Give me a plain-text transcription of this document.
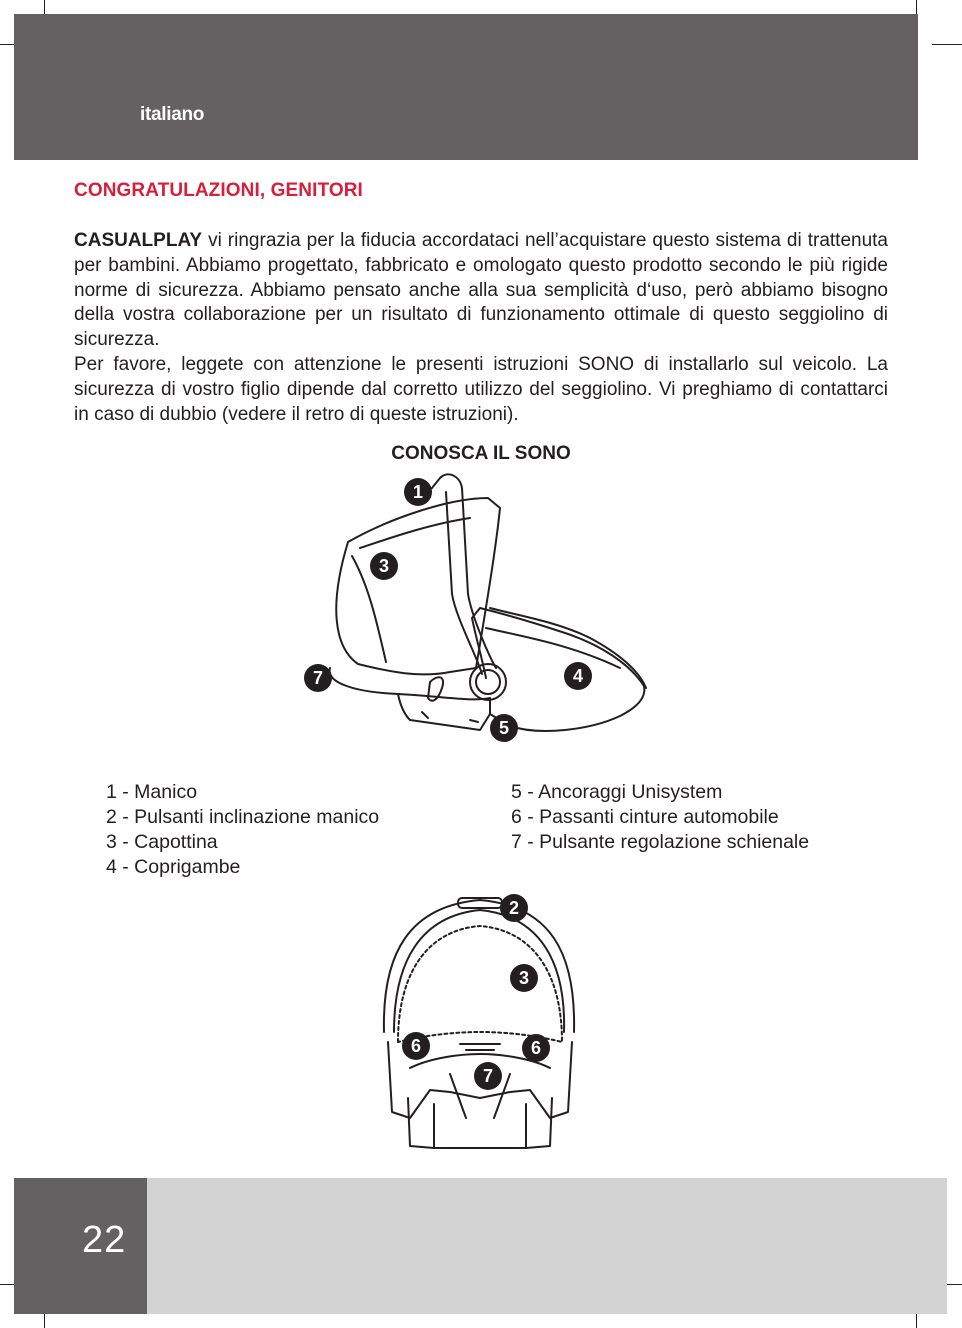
italiano
CONGRATULAZIONI, GENITORI

CASUALPLAY vi ringrazia per la fiducia accordataci nell’acquistare questo sistema di trattenuta per bambini. Abbiamo progettato, fabbricato e omologato questo prodotto secondo le più rigide norme di sicurezza. Abbiamo pensato anche alla sua semplicità d‘uso, però abbiamo bisogno della vostra collaborazione per un risultato di funzionamento ottimale di questo seggiolino di sicurezza.

Per favore, leggete con attenzione le presenti istruzioni SONO di installarlo sul veicolo. La sicurezza di vostro figlio dipende dal corretto utilizzo del seggiolino. Vi preghiamo di contattarci in caso di dubbio (vedere il retro di queste istruzioni).

CONOSCA IL SONO
1
3
7	4
5
1 - Manico
2 - Pulsanti inclinazione manico
3 - Capottina
4 - Coprigambe
5 - Ancoraggi Unisystem
6 - Passanti cinture automobile
7 - Pulsante regolazione schienale
2
3
6	6
7
22
